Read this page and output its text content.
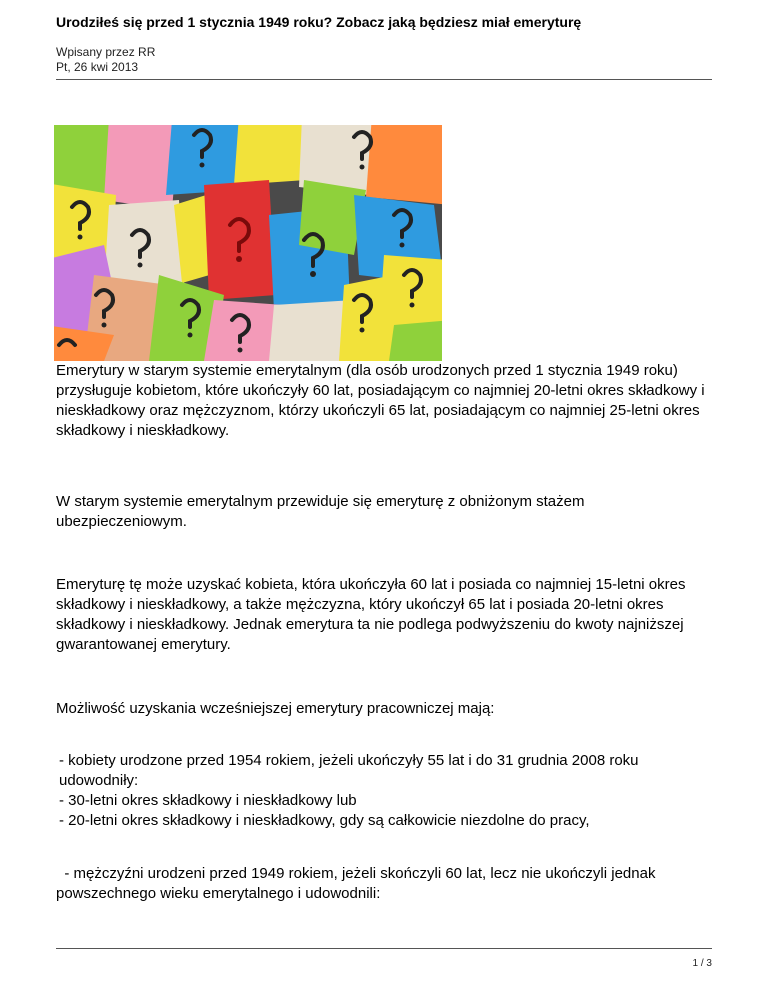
Urodziłeś się przed 1 stycznia 1949 roku? Zobacz jaką będziesz miał emeryturę
Wpisany przez RR
Pt, 26 kwi 2013

Emerytury w starym systemie emerytalnym (dla osób urodzonych przed 1 stycznia 1949 roku) przysługuje kobietom, które ukończyły 60 lat, posiadającym co najmniej 20-letni okres składkowy i nieskładkowy oraz mężczyznom, którzy ukończyli 65 lat, posiadającym co najmniej 25-letni okres składkowy i nieskładkowy.

W starym systemie emerytalnym przewiduje się emeryturę z obniżonym stażem ubezpieczeniowym.

Emeryturę tę może uzyskać kobieta, która ukończyła 60 lat i posiada co najmniej 15-letni okres składkowy i nieskładkowy, a także mężczyzna, który ukończył 65 lat i posiada 20-letni okres składkowy i nieskładkowy. Jednak emerytura ta nie podlega podwyższeniu do kwoty najniższej gwarantowanej emerytury.

Możliwość uzyskania wcześniejszej emerytury pracowniczej mają:

- kobiety urodzone przed 1954 rokiem, jeżeli ukończyły 55 lat i do 31 grudnia 2008 roku udowodniły:
- 30-letni okres składkowy i nieskładkowy lub
- 20-letni okres składkowy i nieskładkowy, gdy są całkowicie niezdolne do pracy,

- mężczyźni urodzeni przed 1949 rokiem, jeżeli skończyli 60 lat, lecz nie ukończyli jednak powszechnego wieku emerytalnego i udowodnili:

1 / 3
